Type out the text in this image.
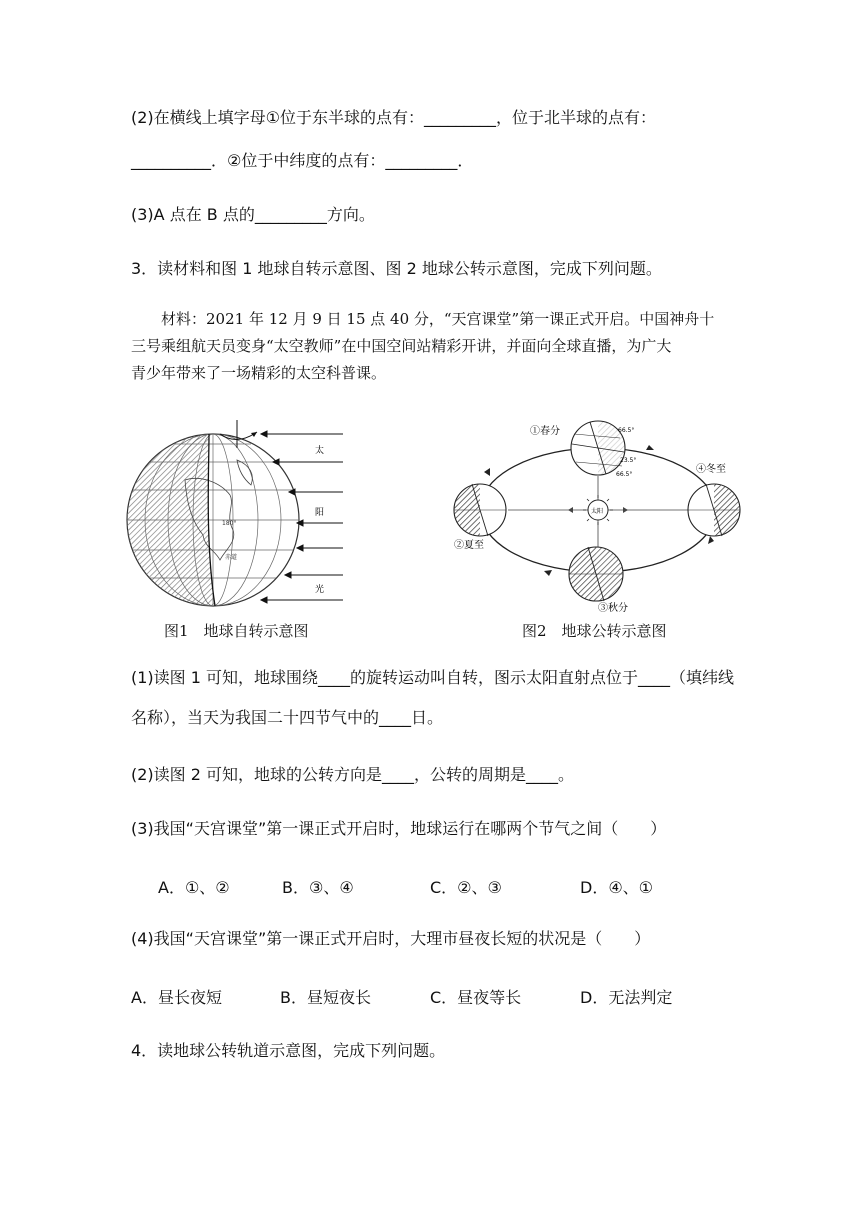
(2)在横线上填字母①位于东半球的点有：_________，位于北半球的点有：
__________．②位于中纬度的点有：_________．
(3)A 点在 B 点的_________方向。
3．读材料和图 1 地球自转示意图、图 2 地球公转示意图，完成下列问题。
材料：2021 年 12 月 9 日 15 点 40 分，“天宫课堂”第一课正式开启。中国神舟十
三号乘组航天员变身“太空教师”在中国空间站精彩开讲，并面向全球直播，为广大
青少年带来了一场精彩的太空科普课。
180°
赤道
太
阳
光
图1　地球自转示意图
太阳
66.5°
66.5°
23.5°
①春分
②夏至
④冬至
③秋分
图2　地球公转示意图
(1)读图 1 可知，地球围绕____的旋转运动叫自转，图示太阳直射点位于____（填纬线
名称），当天为我国二十四节气中的____日。
(2)读图 2 可知，地球的公转方向是____，公转的周期是____。
(3)我国“天宫课堂”第一课正式开启时，地球运行在哪两个节气之间（　　）
A．①、②	B．③、④	C．②、③	D．④、①
(4)我国“天宫课堂”第一课正式开启时，大理市昼夜长短的状况是（　　）
A．昼长夜短	B．昼短夜长	C．昼夜等长	D．无法判定
4．读地球公转轨道示意图，完成下列问题。
